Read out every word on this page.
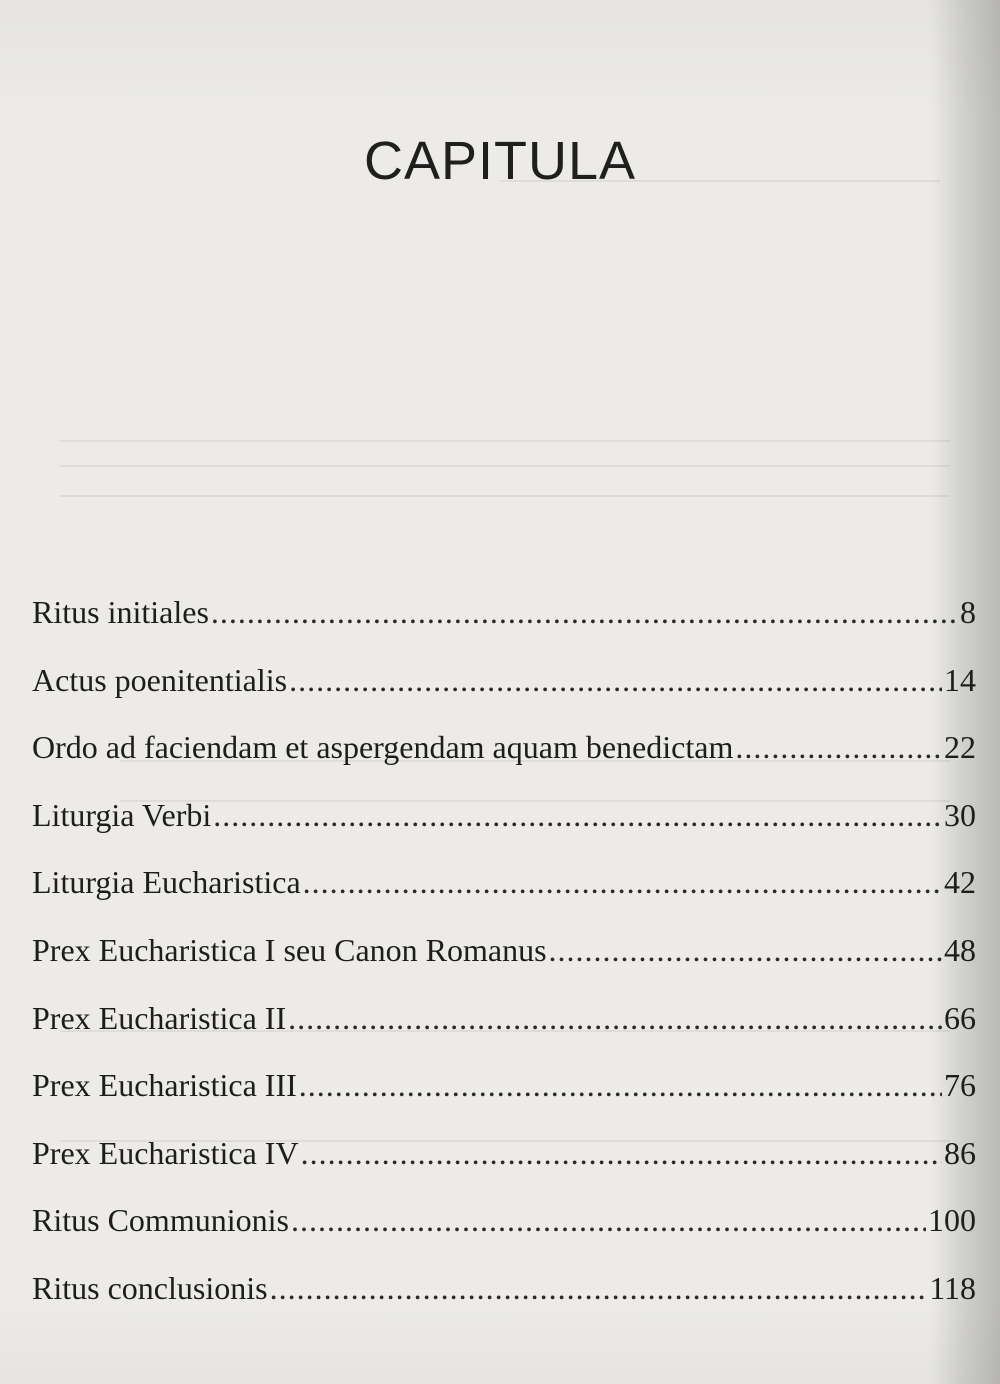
CAPITULA
Ritus initiales .....	8
Actus poenitentialis .....	14
Ordo ad faciendam et aspergendam aquam benedictam .....	22
Liturgia Verbi .....	30
Liturgia Eucharistica .....	42
Prex Eucharistica I seu Canon Romanus .....	48
Prex Eucharistica II .....	66
Prex Eucharistica III .....	76
Prex Eucharistica IV .....	86
Ritus Communionis .....	100
Ritus conclusionis .....	118
